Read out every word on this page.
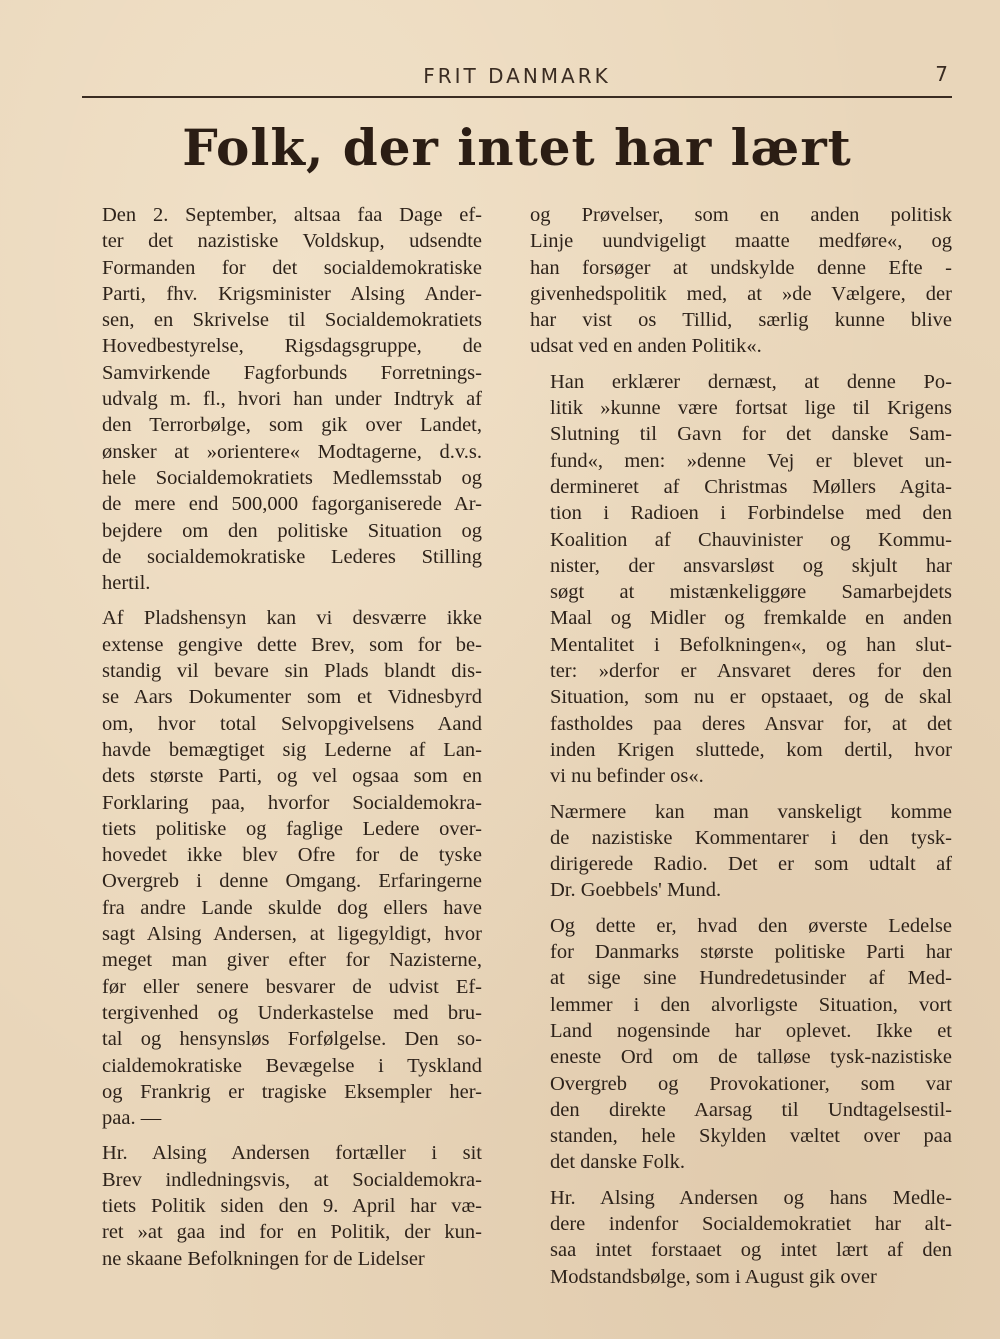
FRIT DANMARK	7
Folk, der intet har lært

Den 2. September, altsaa faa Dage ef-
ter det nazistiske Voldskup, udsendte
Formanden for det socialdemokratiske
Parti, fhv. Krigsminister Alsing Ander-
sen, en Skrivelse til Socialdemokratiets
Hovedbestyrelse, Rigsdagsgruppe, de
Samvirkende Fagforbunds Forretnings-
udvalg m. fl., hvori han under Indtryk af
den Terrorbølge, som gik over Landet,
ønsker at »orientere« Modtagerne, d.v.s.
hele Socialdemokratiets Medlemsstab og
de mere end 500,000 fagorganiserede Ar-
bejdere om den politiske Situation og
de socialdemokratiske Lederes Stilling
hertil.

Af Pladshensyn kan vi desværre ikke
extense gengive dette Brev, som for be-
standig vil bevare sin Plads blandt dis-
se Aars Dokumenter som et Vidnesbyrd
om, hvor total Selvopgivelsens Aand
havde bemægtiget sig Lederne af Lan-
dets største Parti, og vel ogsaa som en
Forklaring paa, hvorfor Socialdemokra-
tiets politiske og faglige Ledere over-
hovedet ikke blev Ofre for de tyske
Overgreb i denne Omgang. Erfaringerne
fra andre Lande skulde dog ellers have
sagt Alsing Andersen, at ligegyldigt, hvor
meget man giver efter for Nazisterne,
før eller senere besvarer de udvist Ef-
tergivenhed og Underkastelse med bru-
tal og hensynsløs Forfølgelse. Den so-
cialdemokratiske Bevægelse i Tyskland
og Frankrig er tragiske Eksempler her-
paa. —

Hr. Alsing Andersen fortæller i sit
Brev indledningsvis, at Socialdemokra-
tiets Politik siden den 9. April har væ-
ret »at gaa ind for en Politik, der kun-
ne skaane Befolkningen for de Lidelser

og Prøvelser, som en anden politisk
Linje uundvigeligt maatte medføre«, og
han forsøger at undskylde denne Efte -
givenhedspolitik med, at »de Vælgere, der
har vist os Tillid, særlig kunne blive
udsat ved en anden Politik«.

Han erklærer dernæst, at denne Po-
litik »kunne være fortsat lige til Krigens
Slutning til Gavn for det danske Sam-
fund«, men: »denne Vej er blevet un-
dermineret af Christmas Møllers Agita-
tion i Radioen i Forbindelse med den
Koalition af Chauvinister og Kommu-
nister, der ansvarsløst og skjult har
søgt at mistænkeliggøre Samarbejdets
Maal og Midler og fremkalde en anden
Mentalitet i Befolkningen«, og han slut-
ter: »derfor er Ansvaret deres for den
Situation, som nu er opstaaet, og de skal
fastholdes paa deres Ansvar for, at det
inden Krigen sluttede, kom dertil, hvor
vi nu befinder os«.

Nærmere kan man vanskeligt komme
de nazistiske Kommentarer i den tysk-
dirigerede Radio. Det er som udtalt af
Dr. Goebbels' Mund.

Og dette er, hvad den øverste Ledelse
for Danmarks største politiske Parti har
at sige sine Hundredetusinder af Med-
lemmer i den alvorligste Situation, vort
Land nogensinde har oplevet. Ikke et
eneste Ord om de talløse tysk-nazistiske
Overgreb og Provokationer, som var
den direkte Aarsag til Undtagelsestil-
standen, hele Skylden væltet over paa
det danske Folk.

Hr. Alsing Andersen og hans Medle-
dere indenfor Socialdemokratiet har alt-
saa intet forstaaet og intet lært af den
Modstandsbølge, som i August gik over
